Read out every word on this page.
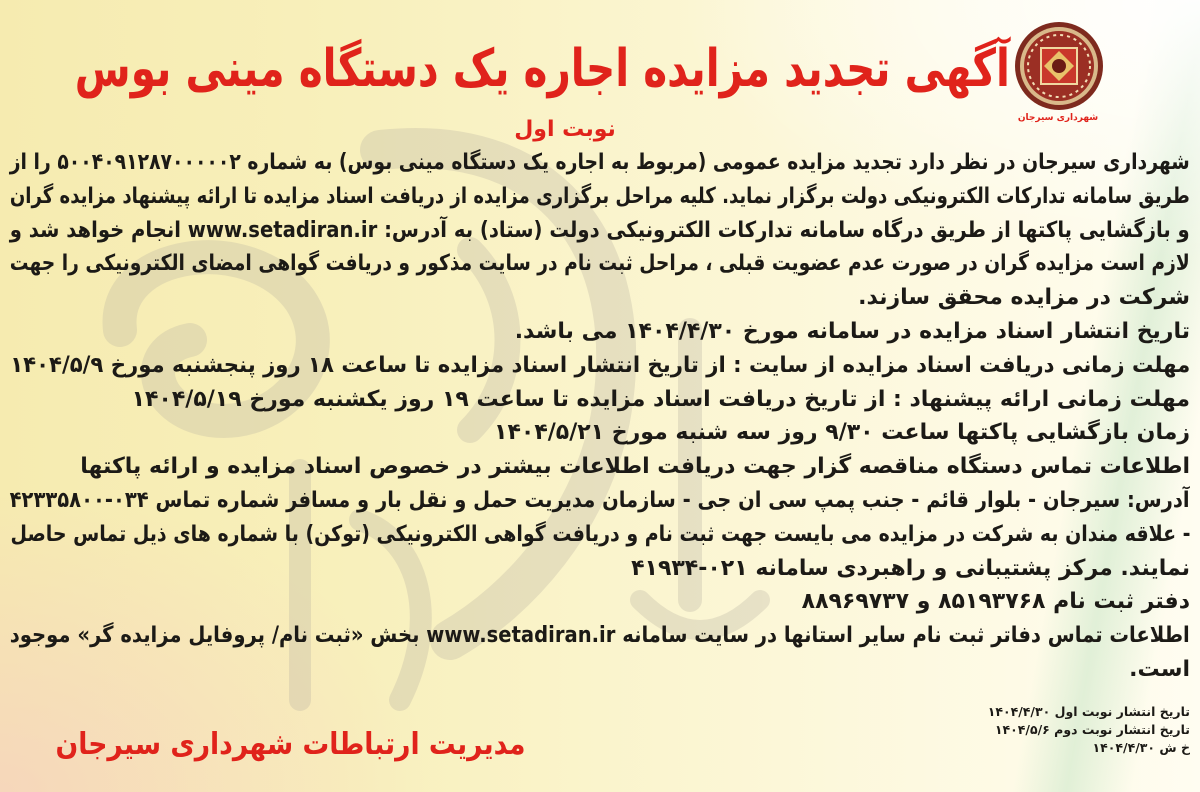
شهرداری سیرجان
آگهی تجدید مزایده اجاره یک دستگاه مینی بوس
نوبت اول
شهرداری سیرجان در نظر دارد تجدید مزایده عمومی (مربوط به اجاره یک دستگاه مینی بوس) به شماره ۵۰۰۴۰۹۱۲۸۷۰۰۰۰۰۲ را از
طریق سامانه تدارکات الکترونیکی دولت برگزار نماید. کلیه مراحل برگزاری مزایده از دریافت اسناد مزایده تا ارائه پیشنهاد مزایده گران
و بازگشایی پاکتها از طریق درگاه سامانه تدارکات الکترونیکی دولت (ستاد) به آدرس: www.setadiran.ir انجام خواهد شد و
لازم است مزایده گران در صورت عدم عضویت قبلی ، مراحل ثبت نام در سایت مذکور و دریافت گواهی امضای الکترونیکی را جهت
شرکت در مزایده محقق سازند.
تاریخ انتشار اسناد مزایده در سامانه مورخ ۱۴۰۴/۴/۳۰ می باشد.
مهلت زمانی دریافت اسناد مزایده از سایت : از تاریخ انتشار اسناد مزایده تا ساعت ۱۸ روز پنجشنبه مورخ ۱۴۰۴/۵/۹
مهلت زمانی ارائه پیشنهاد : از تاریخ دریافت اسناد مزایده تا ساعت ۱۹ روز یکشنبه مورخ ۱۴۰۴/۵/۱۹
زمان بازگشایی پاکتها ساعت ۹/۳۰ روز سه شنبه مورخ ۱۴۰۴/۵/۲۱
اطلاعات تماس دستگاه مناقصه گزار جهت دریافت اطلاعات بیشتر در خصوص اسناد مزایده و ارائه پاکتها
آدرس: سیرجان - بلوار قائم - جنب پمپ سی ان جی - سازمان مدیریت حمل و نقل بار و مسافر شماره تماس ۰۳۴-۴۲۳۳۵۸۰۰
- علاقه مندان به شرکت در مزایده می بایست جهت ثبت نام و دریافت گواهی الکترونیکی (توکن) با شماره های ذیل تماس حاصل
نمایند. مرکز پشتیبانی و راهبردی سامانه ۰۲۱-۴۱۹۳۴
دفتر ثبت نام ۸۵۱۹۳۷۶۸ و ۸۸۹۶۹۷۳۷
اطلاعات تماس دفاتر ثبت نام سایر استانها در سایت سامانه www.setadiran.ir بخش «ثبت نام/ پروفایل مزایده گر» موجود
است.
تاریخ انتشار نوبت اول ۱۴۰۴/۴/۳۰
تاریخ انتشار نوبت دوم ۱۴۰۴/۵/۶
خ ش ۱۴۰۴/۴/۳۰
مدیریت ارتباطات شهرداری سیرجان
